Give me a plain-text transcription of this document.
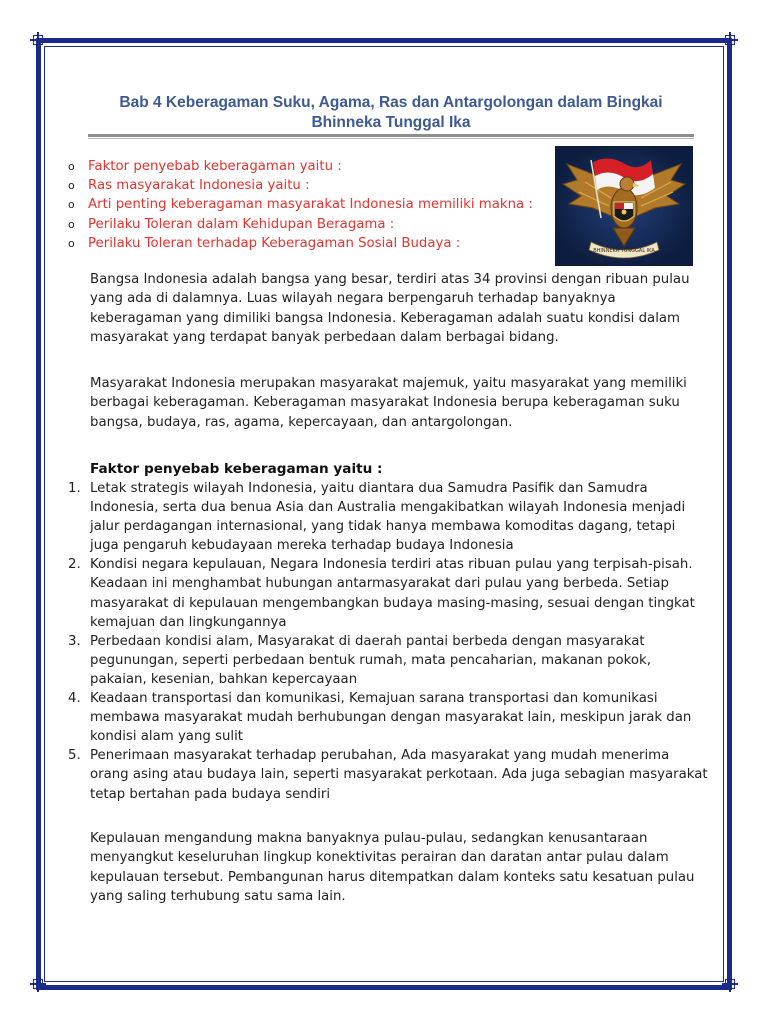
Bab 4 Keberagaman Suku, Agama, Ras dan Antargolongan dalam Bingkai
Bhinneka Tunggal Ika
o Faktor penyebab keberagaman yaitu :
o Ras masyarakat Indonesia yaitu :
o Arti penting keberagaman masyarakat Indonesia memiliki makna :
o Perilaku Toleran dalam Kehidupan Beragama :
o Perilaku Toleran terhadap Keberagaman Sosial Budaya :
BHINNEKA TUNGGAL IKA

Bangsa Indonesia adalah bangsa yang besar, terdiri atas 34 provinsi dengan ribuan pulau yang ada di dalamnya. Luas wilayah negara berpengaruh terhadap banyaknya keberagaman yang dimiliki bangsa Indonesia. Keberagaman adalah suatu kondisi dalam masyarakat yang terdapat banyak perbedaan dalam berbagai bidang.

Masyarakat Indonesia merupakan masyarakat majemuk, yaitu masyarakat yang memiliki berbagai keberagaman. Keberagaman masyarakat Indonesia berupa keberagaman suku bangsa, budaya, ras, agama, kepercayaan, dan antargolongan.

Faktor penyebab keberagaman yaitu :
1. Letak strategis wilayah Indonesia, yaitu diantara dua Samudra Pasifik dan Samudra Indonesia, serta dua benua Asia dan Australia mengakibatkan wilayah Indonesia menjadi jalur perdagangan internasional, yang tidak hanya membawa komoditas dagang, tetapi juga pengaruh kebudayaan mereka terhadap budaya Indonesia
2. Kondisi negara kepulauan, Negara Indonesia terdiri atas ribuan pulau yang terpisah-pisah. Keadaan ini menghambat hubungan antarmasyarakat dari pulau yang berbeda. Setiap masyarakat di kepulauan mengembangkan budaya masing-masing, sesuai dengan tingkat kemajuan dan lingkungannya
3. Perbedaan kondisi alam, Masyarakat di daerah pantai berbeda dengan masyarakat pegunungan, seperti perbedaan bentuk rumah, mata pencaharian, makanan pokok, pakaian, kesenian, bahkan kepercayaan
4. Keadaan transportasi dan komunikasi, Kemajuan sarana transportasi dan komunikasi membawa masyarakat mudah berhubungan dengan masyarakat lain, meskipun jarak dan kondisi alam yang sulit
5. Penerimaan masyarakat terhadap perubahan, Ada masyarakat yang mudah menerima orang asing atau budaya lain, seperti masyarakat perkotaan. Ada juga sebagian masyarakat tetap bertahan pada budaya sendiri

Kepulauan mengandung makna banyaknya pulau-pulau, sedangkan kenusantaraan menyangkut keseluruhan lingkup konektivitas perairan dan daratan antar pulau dalam kepulauan tersebut. Pembangunan harus ditempatkan dalam konteks satu kesatuan pulau yang saling terhubung satu sama lain.
